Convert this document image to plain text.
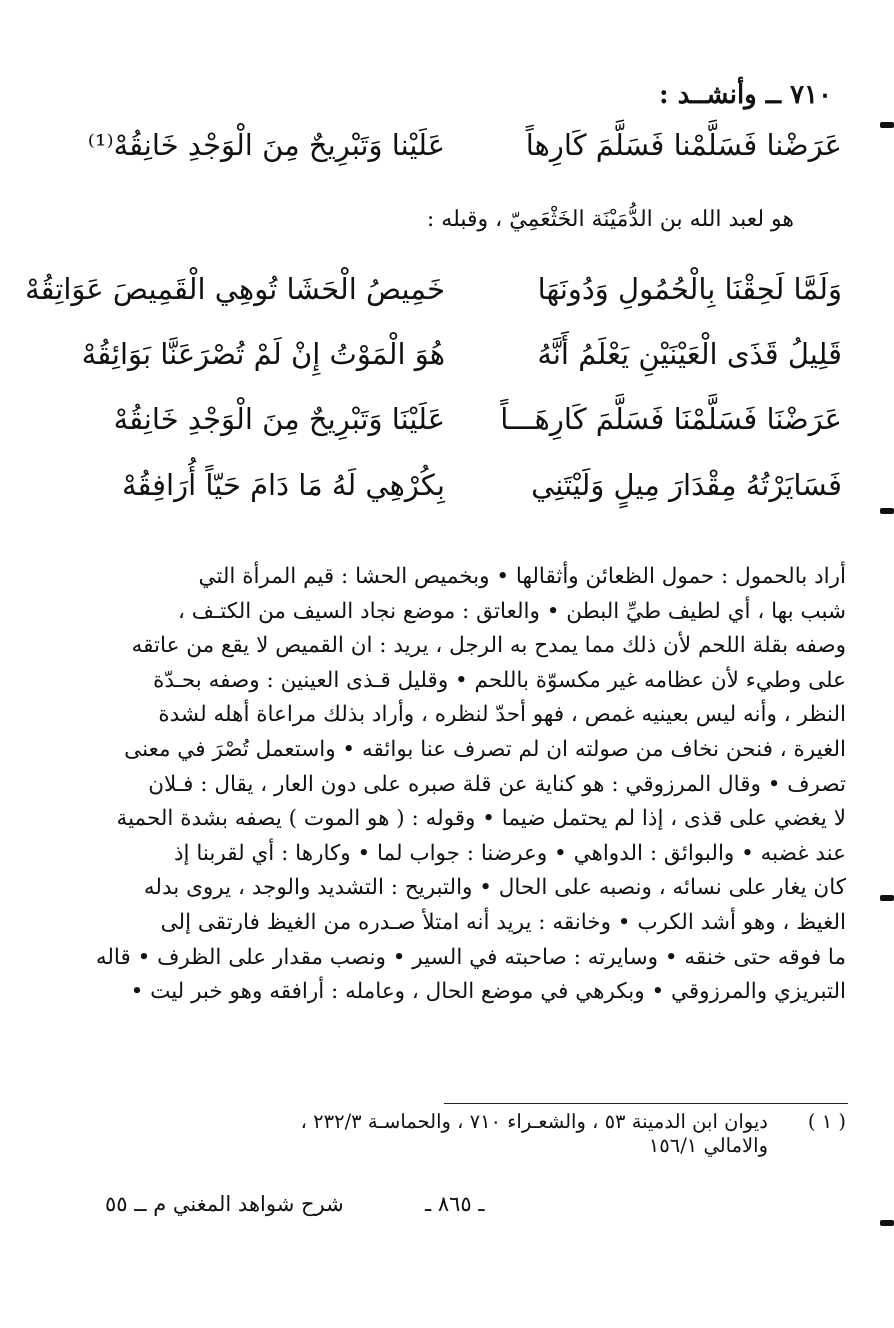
٧١٠ ــ وأنشــد :
عَرَضْنا فَسَلَّمْنا فَسَلَّمَ كَارِهاً
عَلَيْنا وَتَبْرِيحٌ مِنَ الْوَجْدِ خَانِقُهْ⁽¹⁾
هو لعبد الله بن الدُّمَيْنَة الخَثْعَمِيّ ، وقبله :
وَلَمَّا لَحِقْنَا بِالْحُمُولِ وَدُونَهَا
خَمِيصُ الْحَشَا تُوهِي الْقَمِيصَ عَوَاتِقُهْ
قَلِيلُ قَذَى الْعَيْنَيْنِ يَعْلَمُ أَنَّهُ
هُوَ الْمَوْتُ إِنْ لَمْ تُصْرَعَنَّا بَوَائِقُهْ
عَرَضْنَا فَسَلَّمْنَا فَسَلَّمَ كَارِهَـــاً
عَلَيْنَا وَتَبْرِيحٌ مِنَ الْوَجْدِ خَانِقُهْ
فَسَايَرْتُهُ مِقْدَارَ مِيلٍ وَلَيْتَنِي
بِكُرْهِي لَهُ مَا دَامَ حَيّاً أُرَافِقُهْ
أراد بالحمول : حمول الظعائن وأثقالها • وبخميص الحشا : قيم المرأة التي
شبب بها ، أي لطيف طيِّ البطن • والعاتق : موضع نجاد السيف من الكتـف ،
وصفه بقلة اللحم لأن ذلك مما يمدح به الرجل ، يريد : ان القميص لا يقع من عاتقه
على وطيء لأن عظامه غير مكسوّة باللحم • وقليل قـذى العينين : وصفه بحـدّة
النظر ، وأنه ليس بعينيه غمص ، فهو أحدّ لنظره ، وأراد بذلك مراعاة أهله لشدة
الغيرة ، فنحن نخاف من صولته ان لم تصرف عنا بوائقه • واستعمل تُصْرَ في معنى
تصرف • وقال المرزوقي : هو كناية عن قلة صبره على دون العار ، يقال : فـلان
لا يغضي على قذى ، إذا لم يحتمل ضيما • وقوله : ( هو الموت ) يصفه بشدة الحمية
عند غضبه • والبوائق : الدواهي • وعرضنا : جواب لما • وكارها : أي لقربنا إذ
كان يغار على نسائه ، ونصبه على الحال • والتبريح : التشديد والوجد ، يروى بدله
الغيظ ، وهو أشد الكرب • وخانقه : يريد أنه امتلأ صـدره من الغيظ فارتقى إلى
ما فوقه حتى خنقه • وسايرته : صاحبته في السير • ونصب مقدار على الظرف • قاله
التبريزي والمرزوقي • وبكرهي في موضع الحال ، وعامله : أرافقه وهو خبر ليت •
( ١ )
ديوان ابن الدمينة ٥٣ ، والشعـراء ٧١٠ ، والحماسـة ٢٣٢/٣ ،
والامالي ١٥٦/١
شرح شواهد المغني م ــ ٥٥	ـ ٨٦٥ ـ
